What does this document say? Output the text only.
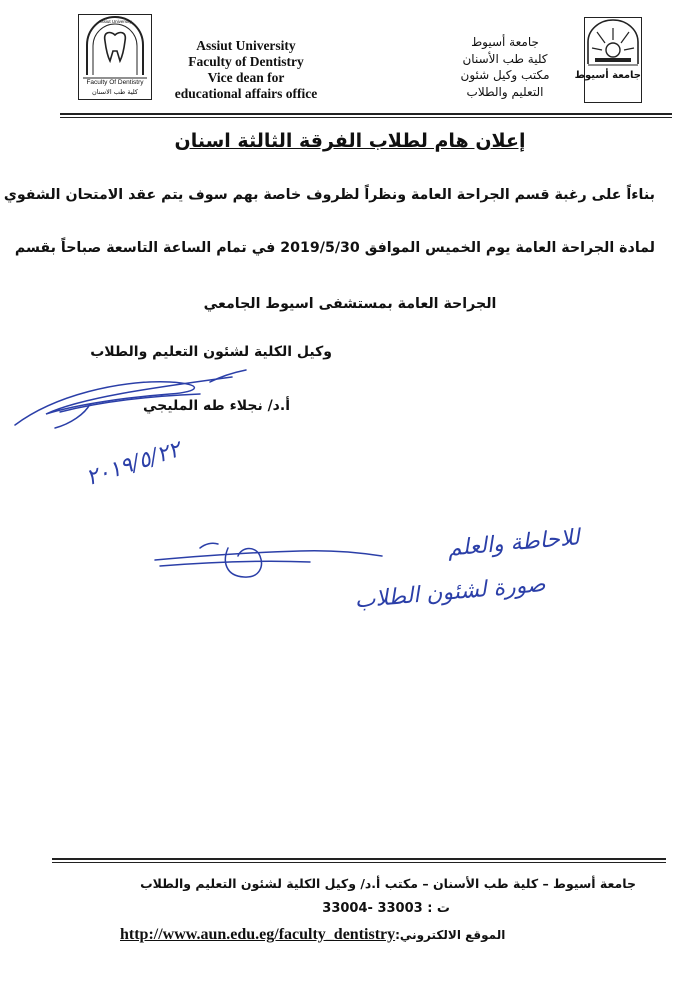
Assiut University
Faculty Of Dentistry
كلية طب الاسنان
Assiut University
Faculty of Dentistry
Vice dean for
educational affairs office
جامعة أسيوط
كلية طب الأسنان
مكتب وكيل شئون
التعليم والطلاب
جامعة أسيوط
إعلان هام لطلاب الفرقة الثالثة اسنان
بناءاً على رغبة قسم الجراحة العامة ونظراً لظروف خاصة بهم سوف يتم عقد الامتحان الشفوي
لمادة الجراحة العامة يوم الخميس الموافق 2019/5/30 في تمام الساعة التاسعة صباحاً بقسم
الجراحة العامة بمستشفى اسيوط الجامعي
وكيل الكلية لشئون التعليم والطلاب
أ.د/ نجلاء طه المليجي
٢٠١٩/٥/٢٢
للاحاطة والعلم
صورة لشئون الطلاب
جامعة أسيوط – كلية طب الأسنان – مكتب أ.د/ وكيل الكلية لشئون التعليم والطلاب
ت : 33003 -33004
http://www.aun.edu.eg/faculty_dentistryالموقع الالكتروني:
